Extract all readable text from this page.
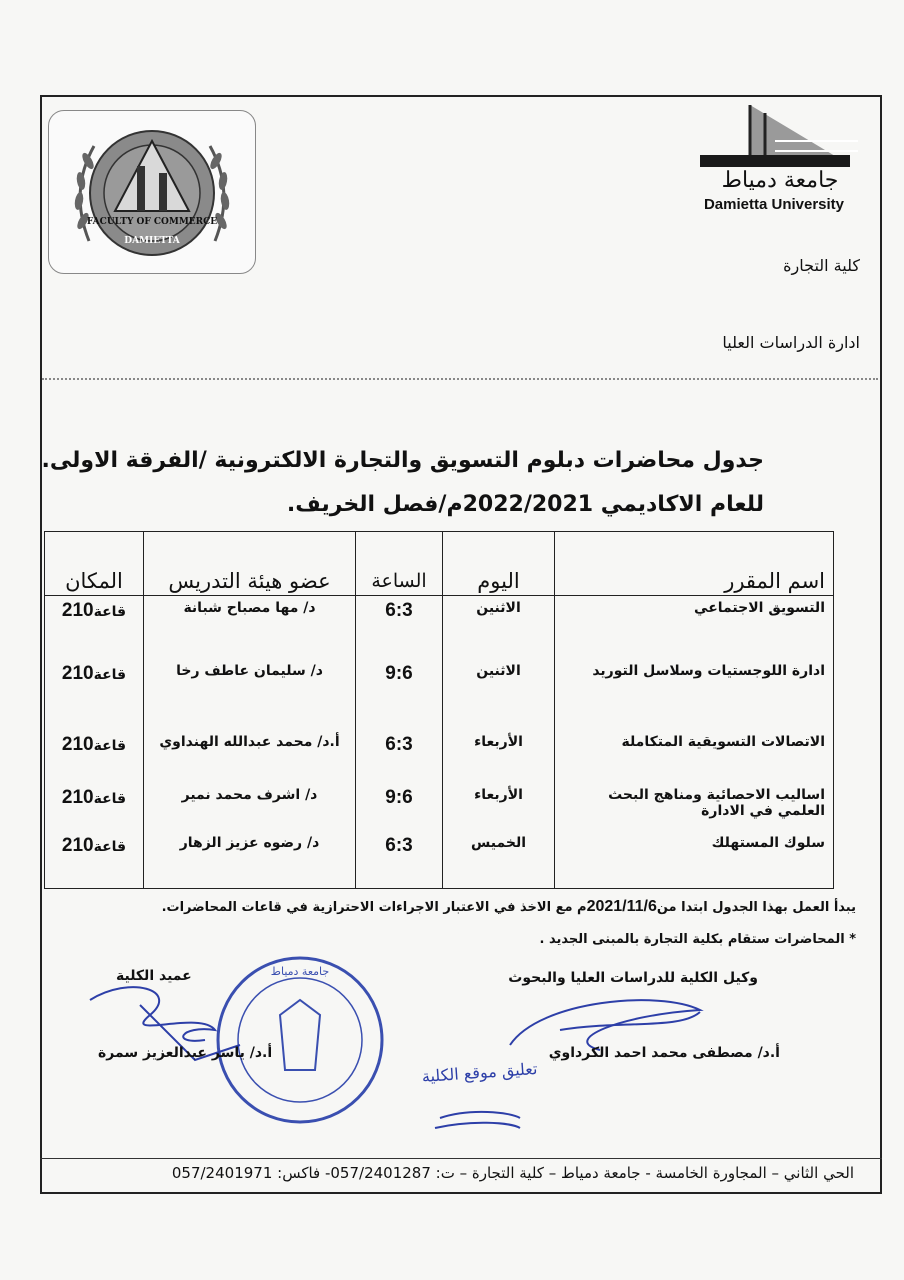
FACULTY OF COMMERCE
DAMIETTA
جامعة دمياط
Damietta University
كلية التجارة
ادارة الدراسات العليا
جدول محاضرات دبلوم التسويق والتجارة الالكترونية /الفرقة الاولى.
للعام الاكاديمي 2022/2021م/فصل الخريف.
اسم المقرر	اليوم	الساعة	عضو هيئة التدريس	المكان
التسويق الاجتماعي	الاثنين	6:3	د/ مها مصباح شبانة	قاعة210
ادارة اللوجستيات وسلاسل التوريد	الاثنين	9:6	د/ سليمان عاطف رخا	قاعة210
الاتصالات التسويقية المتكاملة	الأربعاء	6:3	أ.د/ محمد عبدالله الهنداوي	قاعة210
اساليب الاحصائية ومناهج البحث العلمي في الادارة	الأربعاء	9:6	د/ اشرف محمد نمير	قاعة210
سلوك المستهلك	الخميس	6:3	د/ رضوه عزيز الزهار	قاعة210
يبدأ العمل بهذا الجدول ابتدا من2021/11/6م مع الاخذ في الاعتبار الاجراءات الاحترازية في قاعات المحاضرات.
* المحاضرات ستقام بكلية التجارة بالمبنى الجديد .
وكيل الكلية للدراسات العليا والبحوث
عميد الكلية	جامعة دمياط
تعليق موقع الكلية
أ.د/ مصطفى محمد احمد الكرداوي
أ.د/ ياسر عبدالعزيز سمرة
الحي الثاني – المجاورة الخامسة - جامعة دمياط – كلية التجارة – ت: 057/2401287- فاكس: 057/2401971
